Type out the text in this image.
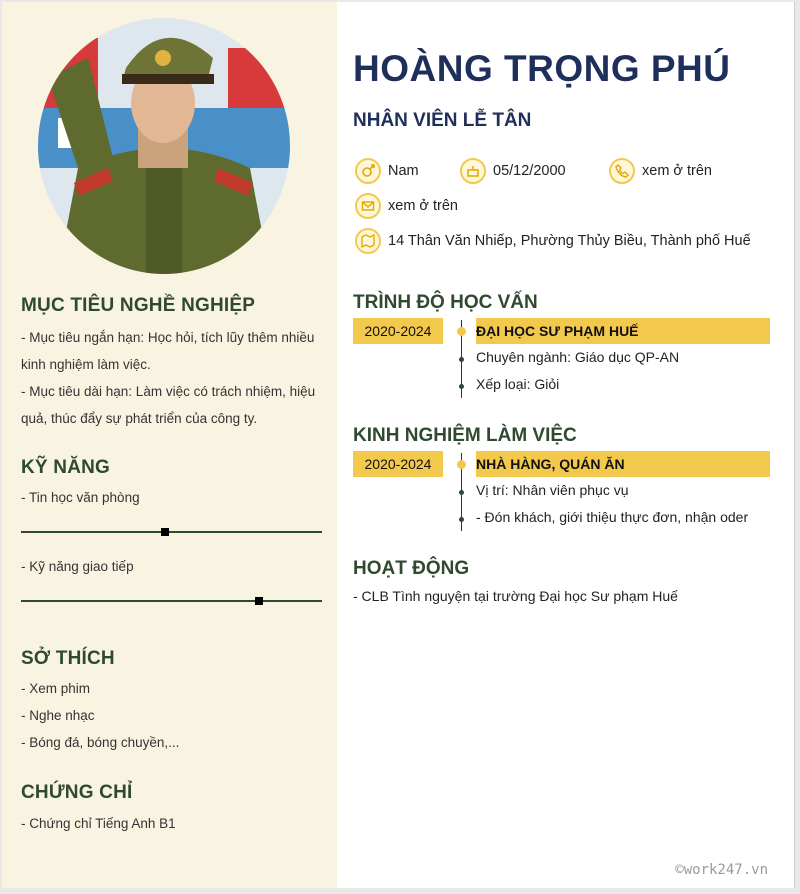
MỤC TIÊU NGHỀ NGHIỆP
- Mục tiêu ngắn hạn: Học hỏi, tích lũy thêm nhiều
kinh nghiệm làm việc.
- Mục tiêu dài hạn: Làm việc có trách nhiệm, hiệu
quả, thúc đẩy sự phát triển của công ty.
KỸ NĂNG
- Tin học văn phòng
- Kỹ năng giao tiếp
SỞ THÍCH
- Xem phim
- Nghe nhạc
- Bóng đá, bóng chuyền,...
CHỨNG CHỈ
- Chứng chỉ Tiếng Anh B1
HOÀNG TRỌNG PHÚ
NHÂN VIÊN LỄ TÂN
Nam	05/12/2000	xem ở trên
xem ở trên
14 Thân Văn Nhiếp, Phường Thủy Biều, Thành phố Huế
TRÌNH ĐỘ HỌC VẤN
2020-2024	ĐẠI HỌC SƯ PHẠM HUẾ
Chuyên ngành: Giáo dục QP-AN
Xếp loại: Giỏi
KINH NGHIỆM LÀM VIỆC
2020-2024	NHÀ HÀNG, QUÁN ĂN
Vị trí: Nhân viên phục vụ
- Đón khách, giới thiệu thực đơn, nhận oder
HOẠT ĐỘNG
- CLB Tình nguyện tại trường Đại học Sư phạm Huế
©work247.vn
